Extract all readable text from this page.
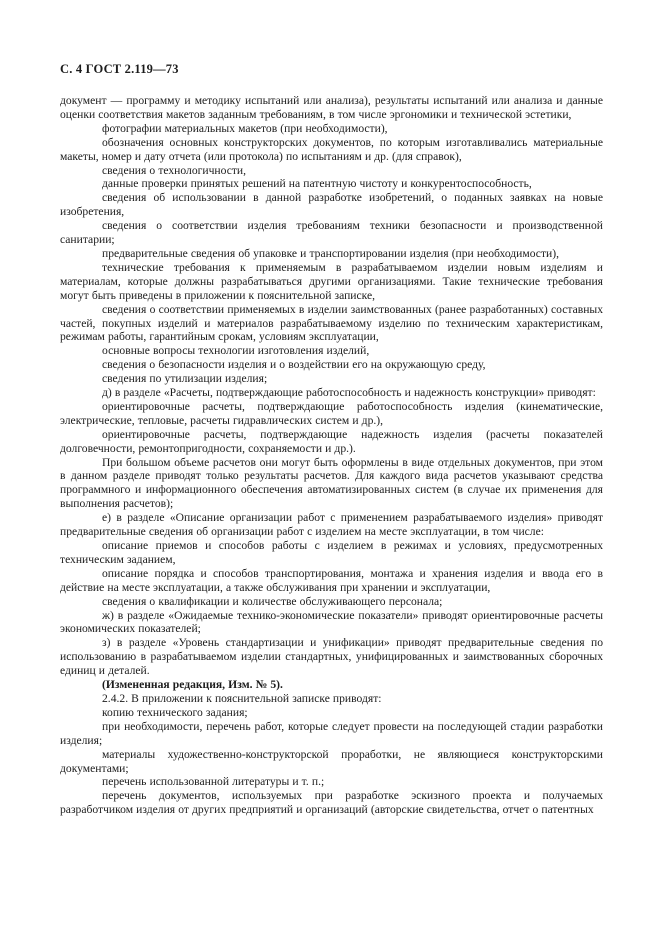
С. 4 ГОСТ 2.119—73

документ — программу и методику испытаний или анализа), результаты испытаний или анализа и данные оценки соответствия макетов заданным требованиям, в том числе эргономики и технической эстетики,

фотографии материальных макетов (при необходимости),

обозначения основных конструкторских документов, по которым изготавливались материальные макеты, номер и дату отчета (или протокола) по испытаниям и др. (для справок),

сведения о технологичности,

данные проверки принятых решений на патентную чистоту и конкурентоспособность,

сведения об использовании в данной разработке изобретений, о поданных заявках на новые изобретения,

сведения о соответствии изделия требованиям техники безопасности и производственной санитарии;

предварительные сведения об упаковке и транспортировании изделия (при необходимости),

технические требования к применяемым в разрабатываемом изделии новым изделиям и материалам, которые должны разрабатываться другими организациями. Такие технические требования могут быть приведены в приложении к пояснительной записке,

сведения о соответствии применяемых в изделии заимствованных (ранее разработанных) составных частей, покупных изделий и материалов разрабатываемому изделию по техническим характеристикам, режимам работы, гарантийным срокам, условиям эксплуатации,

основные вопросы технологии изготовления изделий,

сведения о безопасности изделия и о воздействии его на окружающую среду,

сведения по утилизации изделия;

д) в разделе «Расчеты, подтверждающие работоспособность и надежность конструкции» приводят:

ориентировочные расчеты, подтверждающие работоспособность изделия (кинематические, электрические, тепловые, расчеты гидравлических систем и др.),

ориентировочные расчеты, подтверждающие надежность изделия (расчеты показателей долговечности, ремонтопригодности, сохраняемости и др.).

При большом объеме расчетов они могут быть оформлены в виде отдельных документов, при этом в данном разделе приводят только результаты расчетов. Для каждого вида расчетов указывают средства программного и информационного обеспечения автоматизированных систем (в случае их применения для выполнения расчетов);

е) в разделе «Описание организации работ с применением разрабатываемого изделия» приводят предварительные сведения об организации работ с изделием на месте эксплуатации, в том числе:

описание приемов и способов работы с изделием в режимах и условиях, предусмотренных техническим заданием,

описание порядка и способов транспортирования, монтажа и хранения изделия и ввода его в действие на месте эксплуатации, а также обслуживания при хранении и эксплуатации,

сведения о квалификации и количестве обслуживающего персонала;

ж) в разделе «Ожидаемые технико-экономические показатели» приводят ориентировочные расчеты экономических показателей;

з) в разделе «Уровень стандартизации и унификации» приводят предварительные сведения по использованию в разрабатываемом изделии стандартных, унифицированных и заимствованных сборочных единиц и деталей.

(Измененная редакция, Изм. № 5).

2.4.2. В приложении к пояснительной записке приводят:

копию технического задания;

при необходимости, перечень работ, которые следует провести на последующей стадии разработки изделия;

материалы художественно-конструкторской проработки, не являющиеся конструкторскими документами;

перечень использованной литературы и т. п.;

перечень документов, используемых при разработке эскизного проекта и получаемых разработчиком изделия от других предприятий и организаций (авторские свидетельства, отчет о патентных
